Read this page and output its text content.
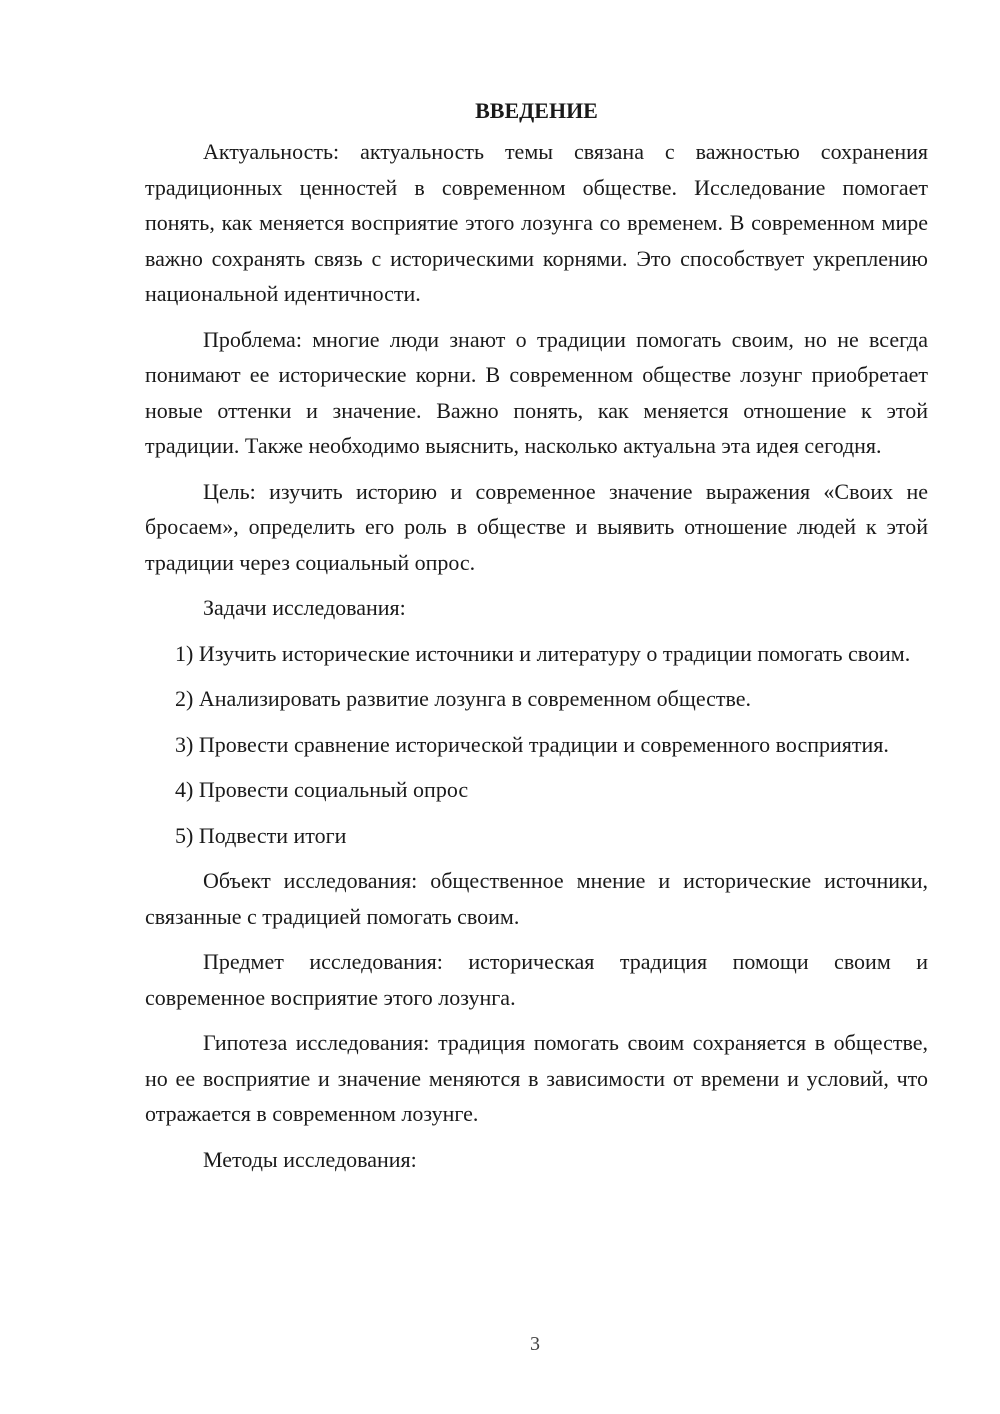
ВВЕДЕНИЕ

Актуальность: актуальность темы связана с важностью сохранения традиционных ценностей в современном обществе. Исследование помогает понять, как меняется восприятие этого лозунга со временем. В современном мире важно сохранять связь с историческими корнями. Это способствует укреплению национальной идентичности.

Проблема: многие люди знают о традиции помогать своим, но не всегда понимают ее исторические корни. В современном обществе лозунг приобретает новые оттенки и значение. Важно понять, как меняется отношение к этой традиции. Также необходимо выяснить, насколько актуальна эта идея сегодня.

Цель: изучить историю и современное значение выражения «Своих не бросаем», определить его роль в обществе и выявить отношение людей к этой традиции через социальный опрос.

Задачи исследования:

1) Изучить исторические источники и литературу о традиции помогать своим.

2) Анализировать развитие лозунга в современном обществе.

3) Провести сравнение исторической традиции и современного восприятия.

4) Провести социальный опрос

5) Подвести итоги

Объект исследования: общественное мнение и исторические источники, связанные с традицией помогать своим.

Предмет исследования: историческая традиция помощи своим и современное восприятие этого лозунга.

Гипотеза исследования: традиция помогать своим сохраняется в обществе, но ее восприятие и значение меняются в зависимости от времени и условий, что отражается в современном лозунге.

Методы исследования:

3
